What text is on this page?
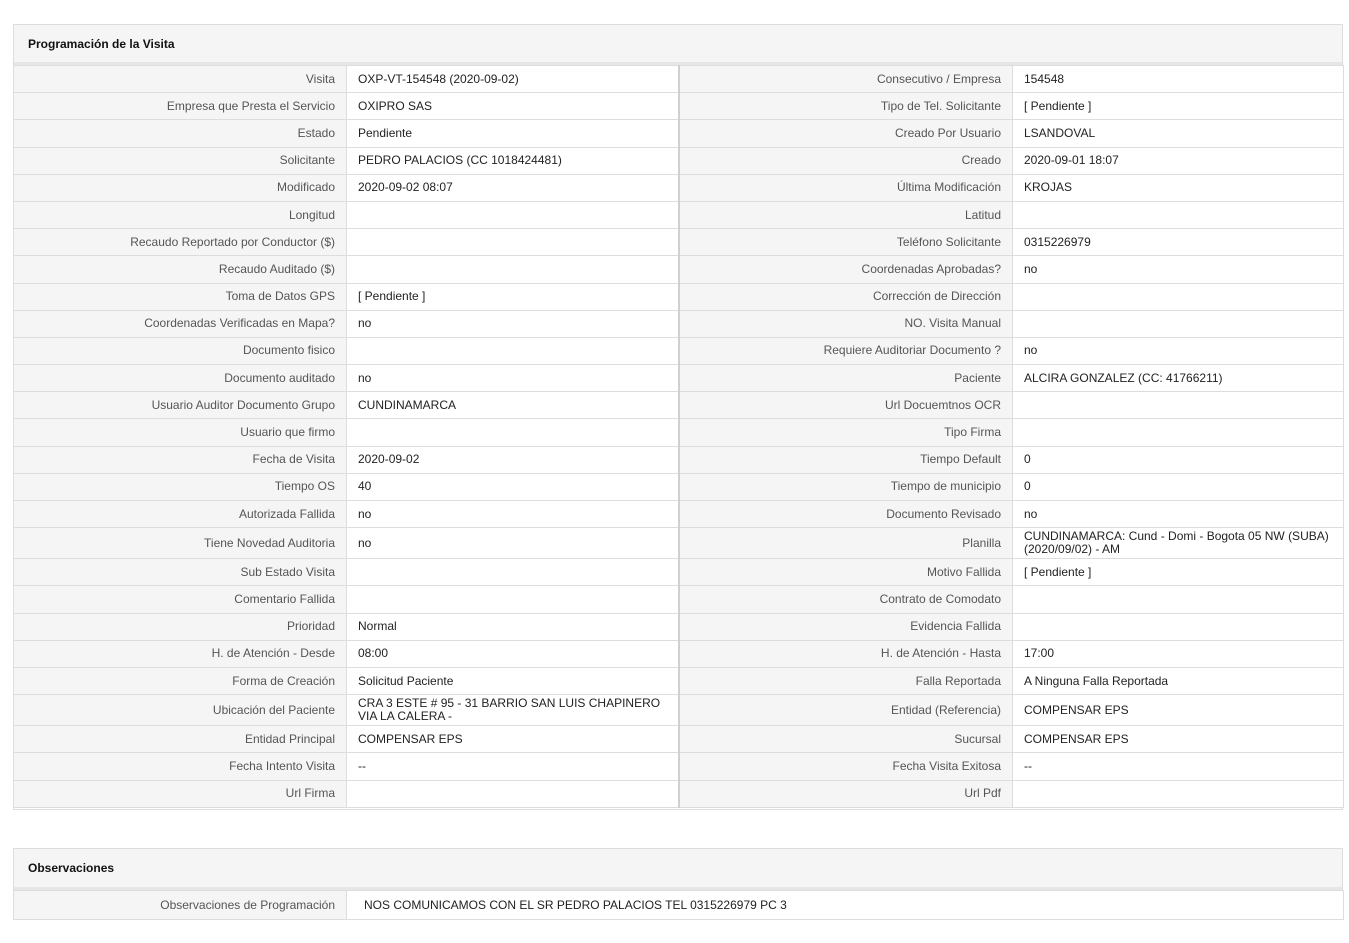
Programación de la Visita
Visita	OXP-VT-154548 (2020-09-02)	Consecutivo / Empresa	154548
Empresa que Presta el Servicio	OXIPRO SAS	Tipo de Tel. Solicitante	[ Pendiente ]
Estado	Pendiente	Creado Por Usuario	LSANDOVAL
Solicitante	PEDRO PALACIOS (CC 1018424481)	Creado	2020-09-01 18:07
Modificado	2020-09-02 08:07	Última Modificación	KROJAS
Longitud		Latitud	
Recaudo Reportado por Conductor ($)		Teléfono Solicitante	0315226979
Recaudo Auditado ($)		Coordenadas Aprobadas?	no
Toma de Datos GPS	[ Pendiente ]	Corrección de Dirección	
Coordenadas Verificadas en Mapa?	no	NO. Visita Manual	
Documento fisico		Requiere Auditoriar Documento ?	no
Documento auditado	no	Paciente	ALCIRA GONZALEZ (CC: 41766211)
Usuario Auditor Documento Grupo	CUNDINAMARCA	Url Docuemtnos OCR	
Usuario que firmo		Tipo Firma	
Fecha de Visita	2020-09-02	Tiempo Default	0
Tiempo OS	40	Tiempo de municipio	0
Autorizada Fallida	no	Documento Revisado	no
Tiene Novedad Auditoria	no	Planilla	CUNDINAMARCA: Cund - Domi - Bogota 05 NW (SUBA) (2020/09/02) - AM
Sub Estado Visita		Motivo Fallida	[ Pendiente ]
Comentario Fallida		Contrato de Comodato	
Prioridad	Normal	Evidencia Fallida	
H. de Atención - Desde	08:00	H. de Atención - Hasta	17:00
Forma de Creación	Solicitud Paciente	Falla Reportada	A Ninguna Falla Reportada
Ubicación del Paciente	CRA 3 ESTE # 95 - 31 BARRIO SAN LUIS CHAPINERO VIA LA CALERA -	Entidad (Referencia)	COMPENSAR EPS
Entidad Principal	COMPENSAR EPS	Sucursal	COMPENSAR EPS
Fecha Intento Visita	--	Fecha Visita Exitosa	--
Url Firma		Url Pdf	
Observaciones
Observaciones de Programación	NOS COMUNICAMOS CON EL SR PEDRO PALACIOS TEL 0315226979 PC 3
